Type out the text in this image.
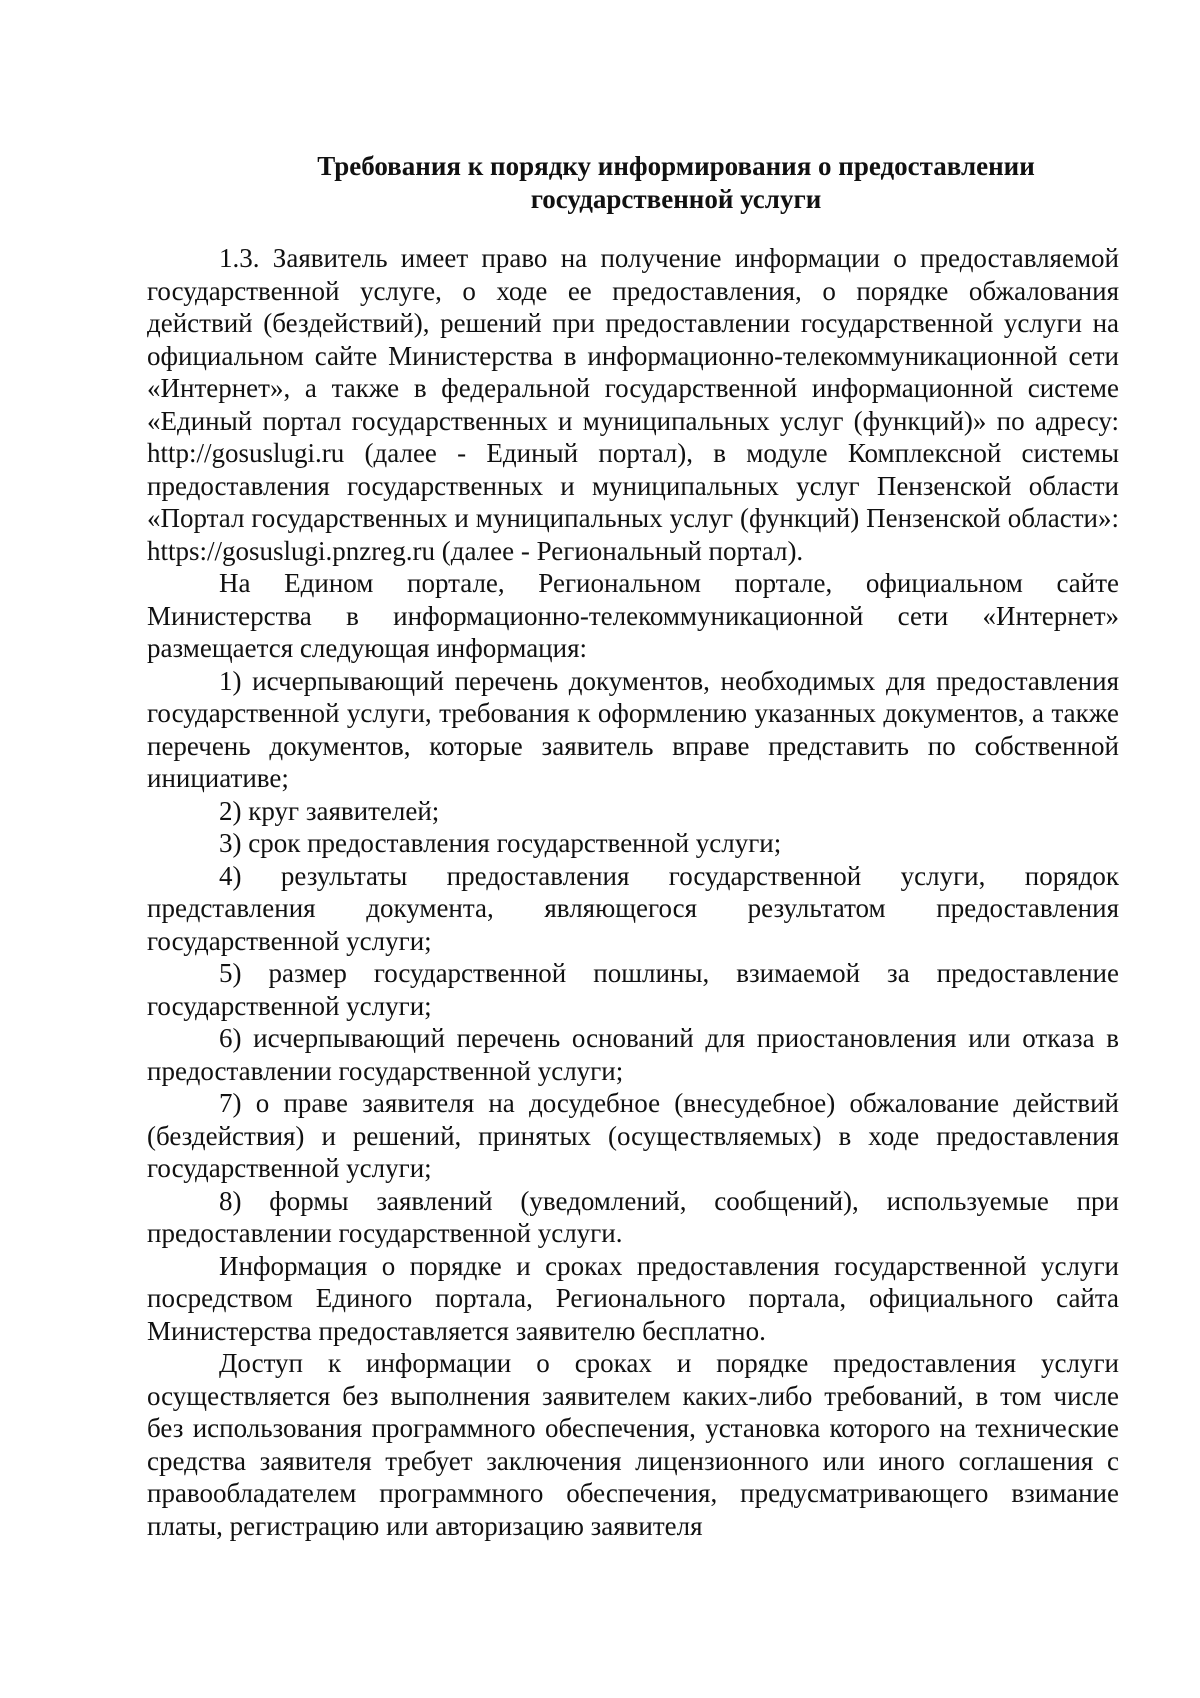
Требования к порядку информирования о предоставлении
государственной услуги

1.3. Заявитель имеет право на получение информации о предоставляемой государственной услуге, о ходе ее предоставления, о порядке обжалования действий (бездействий), решений при предоставлении государственной услуги на официальном сайте Министерства в информационно-телекоммуникационной сети «Интернет», а также в федеральной государственной информационной системе «Единый портал государственных и муниципальных услуг (функций)» по адресу: http://gosuslugi.ru (далее - Единый портал), в модуле Комплексной системы предоставления государственных и муниципальных услуг Пензенской области «Портал государственных и муниципальных услуг (функций) Пензенской области»: https://gosuslugi.pnzreg.ru (далее - Региональный портал).

На Едином портале, Региональном портале, официальном сайте Министерства в информационно-телекоммуникационной сети «Интернет» размещается следующая информация:

1) исчерпывающий перечень документов, необходимых для предоставления государственной услуги, требования к оформлению указанных документов, а также перечень документов, которые заявитель вправе представить по собственной инициативе;

2) круг заявителей;

3) срок предоставления государственной услуги;

4) результаты предоставления государственной услуги, порядок представления документа, являющегося результатом предоставления государственной услуги;

5) размер государственной пошлины, взимаемой за предоставление государственной услуги;

6) исчерпывающий перечень оснований для приостановления или отказа в предоставлении государственной услуги;

7) о праве заявителя на досудебное (внесудебное) обжалование действий (бездействия) и решений, принятых (осуществляемых) в ходе предоставления государственной услуги;

8) формы заявлений (уведомлений, сообщений), используемые при предоставлении государственной услуги.

Информация о порядке и сроках предоставления государственной услуги посредством Единого портала, Регионального портала, официального сайта Министерства предоставляется заявителю бесплатно.

Доступ к информации о сроках и порядке предоставления услуги осуществляется без выполнения заявителем каких-либо требований, в том числе без использования программного обеспечения, установка которого на технические средства заявителя требует заключения лицензионного или иного соглашения с правообладателем программного обеспечения, предусматривающего взимание платы, регистрацию или авторизацию заявителя
